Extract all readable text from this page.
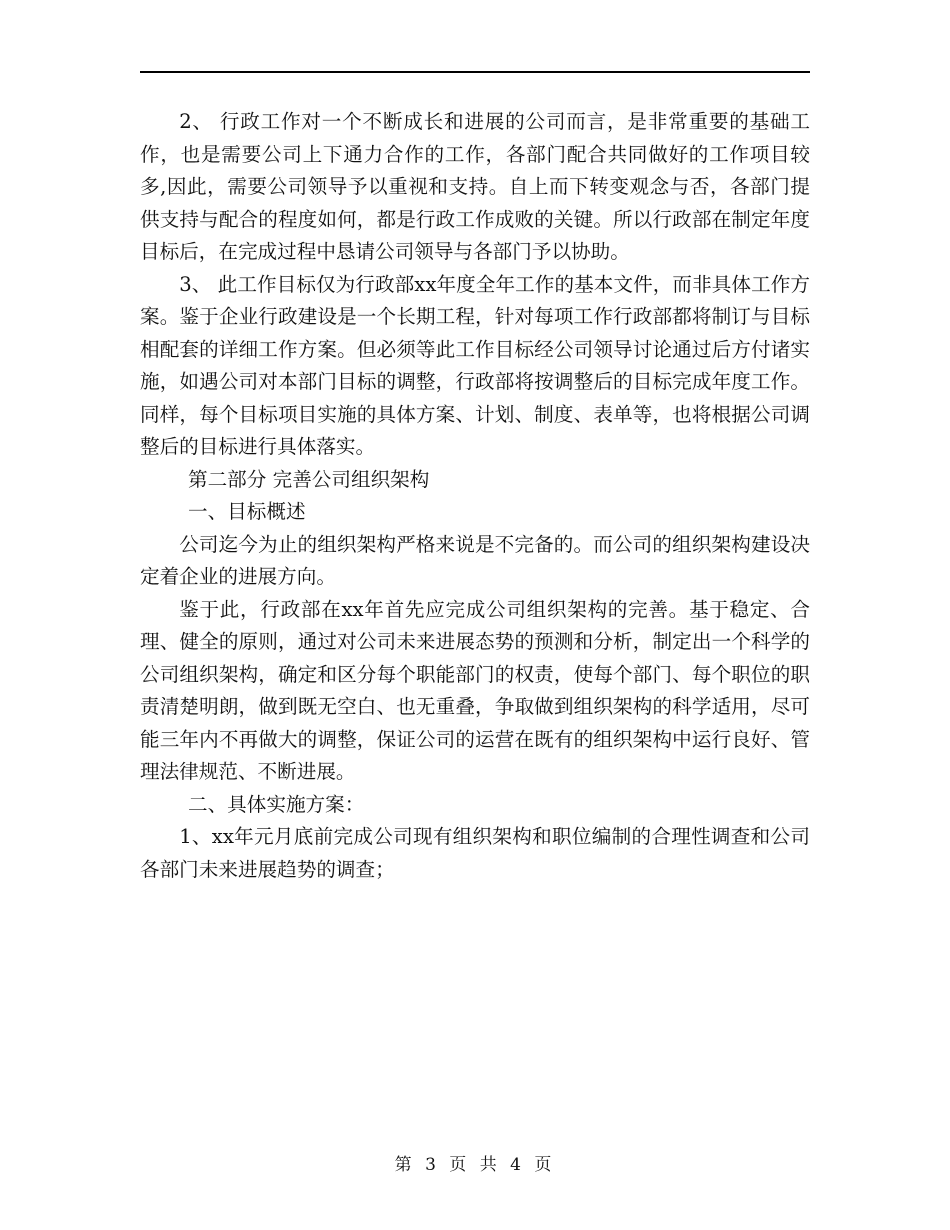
2、 行政工作对一个不断成长和进展的公司而言，是非常重要的基础工作，也是需要公司上下通力合作的工作，各部门配合共同做好的工作项目较多,因此，需要公司领导予以重视和支持。自上而下转变观念与否，各部门提供支持与配合的程度如何，都是行政工作成败的关键。所以行政部在制定年度目标后，在完成过程中恳请公司领导与各部门予以协助。

3、 此工作目标仅为行政部xx年度全年工作的基本文件，而非具体工作方案。鉴于企业行政建设是一个长期工程，针对每项工作行政部都将制订与目标相配套的详细工作方案。但必须等此工作目标经公司领导讨论通过后方付诸实施，如遇公司对本部门目标的调整，行政部将按调整后的目标完成年度工作。同样，每个目标项目实施的具体方案、计划、制度、表单等，也将根据公司调整后的目标进行具体落实。

第二部分 完善公司组织架构

一、目标概述

公司迄今为止的组织架构严格来说是不完备的。而公司的组织架构建设决定着企业的进展方向。

鉴于此，行政部在xx年首先应完成公司组织架构的完善。基于稳定、合理、健全的原则，通过对公司未来进展态势的预测和分析，制定出一个科学的公司组织架构，确定和区分每个职能部门的权责，使每个部门、每个职位的职责清楚明朗，做到既无空白、也无重叠，争取做到组织架构的科学适用，尽可能三年内不再做大的调整，保证公司的运营在既有的组织架构中运行良好、管理法律规范、不断进展。

二、具体实施方案：

1、xx年元月底前完成公司现有组织架构和职位编制的合理性调查和公司各部门未来进展趋势的调查；

第 3 页 共 4 页
